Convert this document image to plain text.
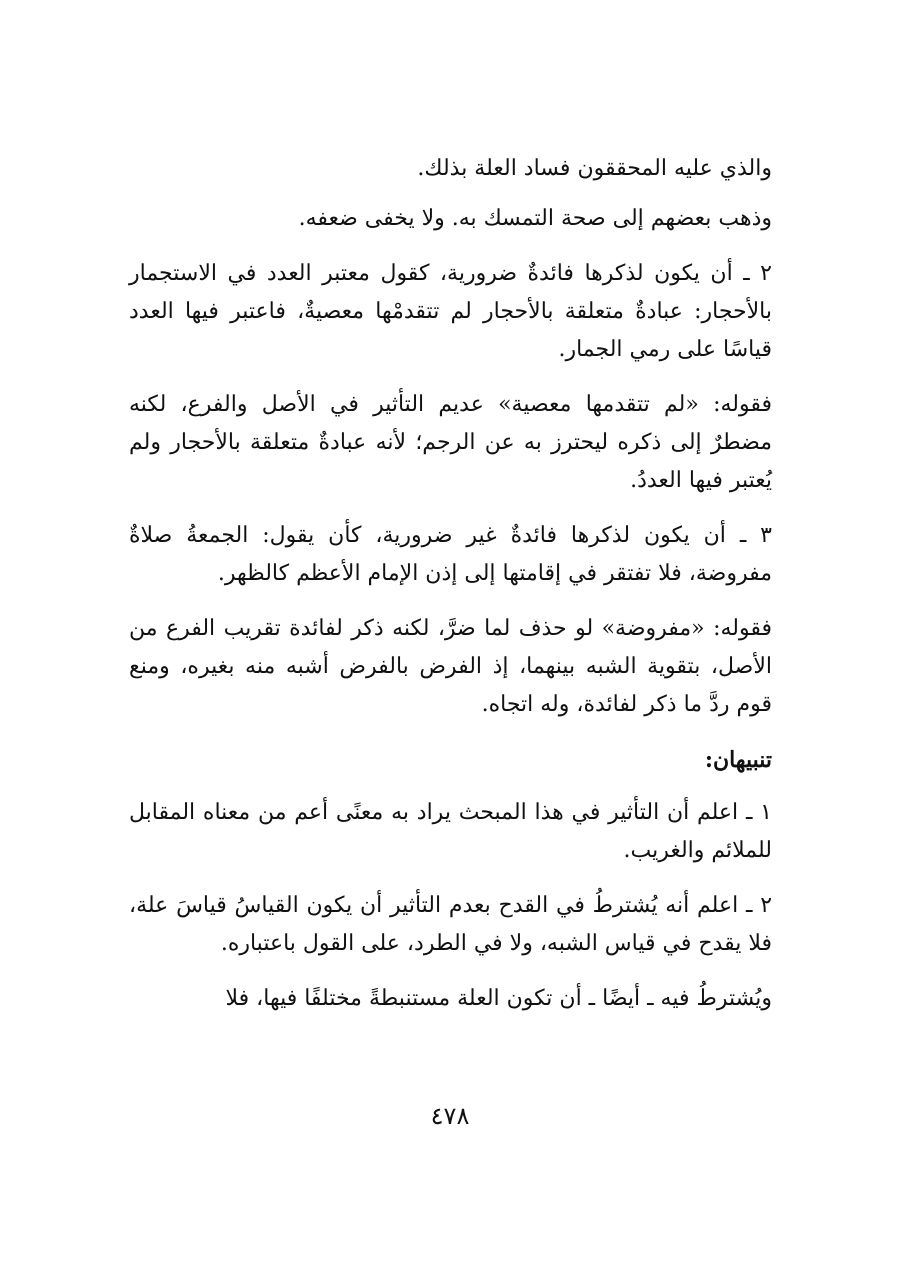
والذي عليه المحققون فساد العلة بذلك.

وذهب بعضهم إلى صحة التمسك به. ولا يخفى ضعفه.

٢ ـ أن يكون لذكرها فائدةٌ ضرورية، كقول معتبر العدد في الاستجمار بالأحجار: عبادةٌ متعلقة بالأحجار لم تتقدمْها معصيةٌ، فاعتبر فيها العدد قياسًا على رمي الجمار.

فقوله: «لم تتقدمها معصية» عديم التأثير في الأصل والفرع، لكنه مضطرٌ إلى ذكره ليحترز به عن الرجم؛ لأنه عبادةٌ متعلقة بالأحجار ولم يُعتبر فيها العددُ.

٣ ـ أن يكون لذكرها فائدةٌ غير ضرورية، كأن يقول: الجمعةُ صلاةٌ مفروضة، فلا تفتقر في إقامتها إلى إذن الإمام الأعظم كالظهر.

فقوله: «مفروضة» لو حذف لما ضرَّ، لكنه ذكر لفائدة تقريب الفرع من الأصل، بتقوية الشبه بينهما، إذ الفرض بالفرض أشبه منه بغيره، ومنع قوم ردَّ ما ذكر لفائدة، وله اتجاه.

تنبيهان:

١ ـ اعلم أن التأثير في هذا المبحث يراد به معنًى أعم من معناه المقابل للملائم والغريب.

٢ ـ اعلم أنه يُشترطُ في القدح بعدم التأثير أن يكون القياسُ قياسَ علة، فلا يقدح في قياس الشبه، ولا في الطرد، على القول باعتباره.

ويُشترطُ فيه ـ أيضًا ـ أن تكون العلة مستنبطةً مختلفًا فيها، فلا

٤٧٨
